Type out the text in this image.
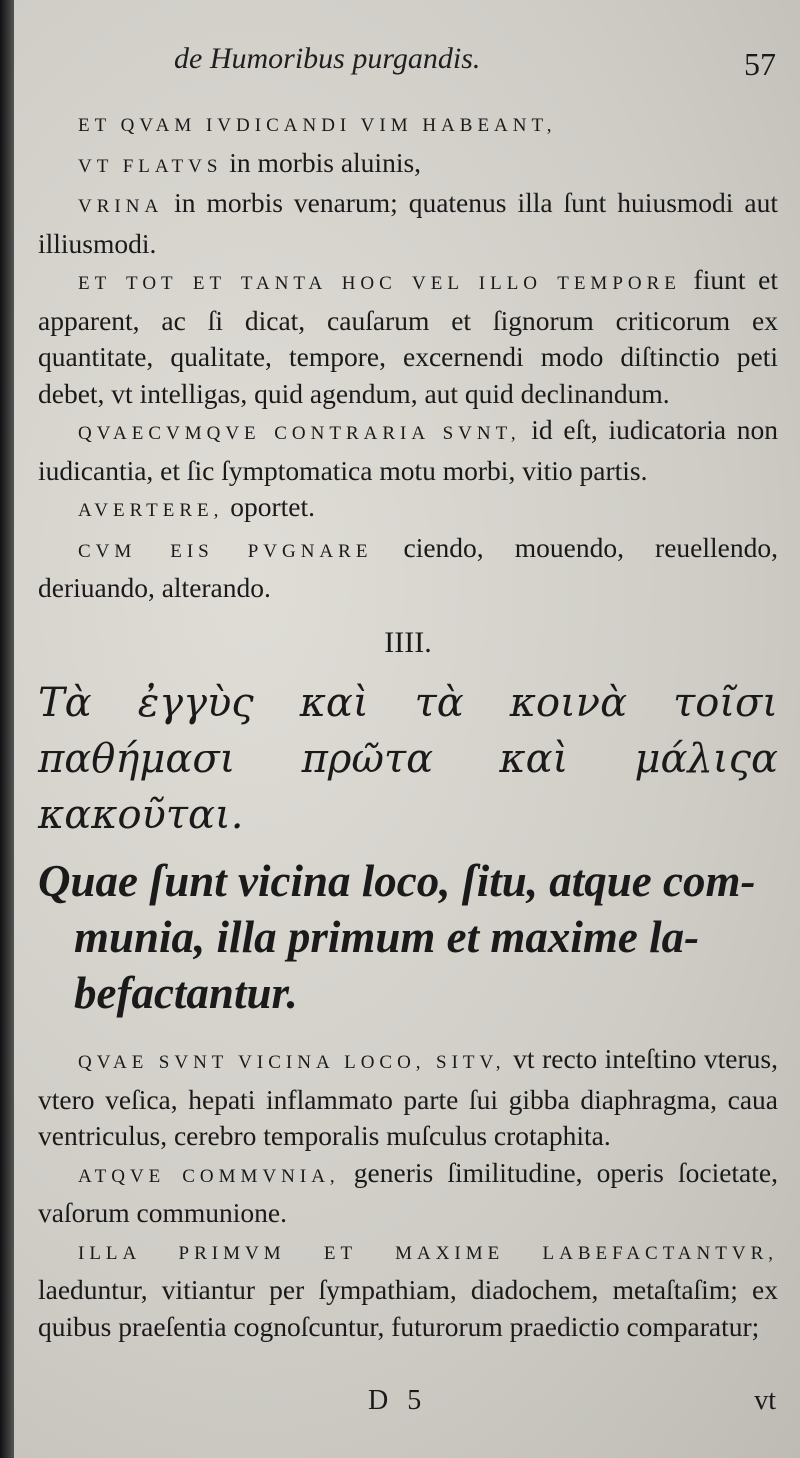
de Humoribus purgandis.	57

ET QVAM IVDICANDI VIM HABEANT,

VT FLATVS in morbis aluinis,

VRINA in morbis venarum; quatenus illa ſunt huiusmodi aut illiusmodi.

ET TOT ET TANTA HOC VEL ILLO TEMPORE fiunt et apparent, ac ſi dicat, cauſarum et ſignorum criticorum ex quantitate, qualitate, tempore, excernendi modo diſtinctio peti debet, vt intelligas, quid agendum, aut quid declinandum.

QVAECVMQVE CONTRARIA SVNT, id eſt, iudicatoria non iudicantia, et ſic ſymptomatica motu morbi, vitio partis.

AVERTERE, oportet.

CVM EIS PVGNARE ciendo, mouendo, reuellendo, deriuando, alterando.

IIII.
Τὰ ἐγγὺς καὶ τὰ κοινὰ τοῖσι παθήμασι πρῶτα καὶ μάλιςα κακοῦται.
Quae ſunt vicina loco, ſitu, atque com-
munia, illa primum et maxime la-
befactantur.

QVAE SVNT VICINA LOCO, SITV, vt recto inteſtino vterus, vtero veſica, hepati inflammato parte ſui gibba diaphragma, caua ventriculus, cerebro temporalis muſculus crotaphita.

ATQVE COMMVNIA, generis ſimilitudine, operis ſocietate, vaſorum communione.

ILLA PRIMVM ET MAXIME LABEFACTANTVR, laeduntur, vitiantur per ſympathiam, diadochem, metaſtaſim; ex quibus praeſentia cognoſcuntur, futurorum praedictio comparatur;

D 5	vt
